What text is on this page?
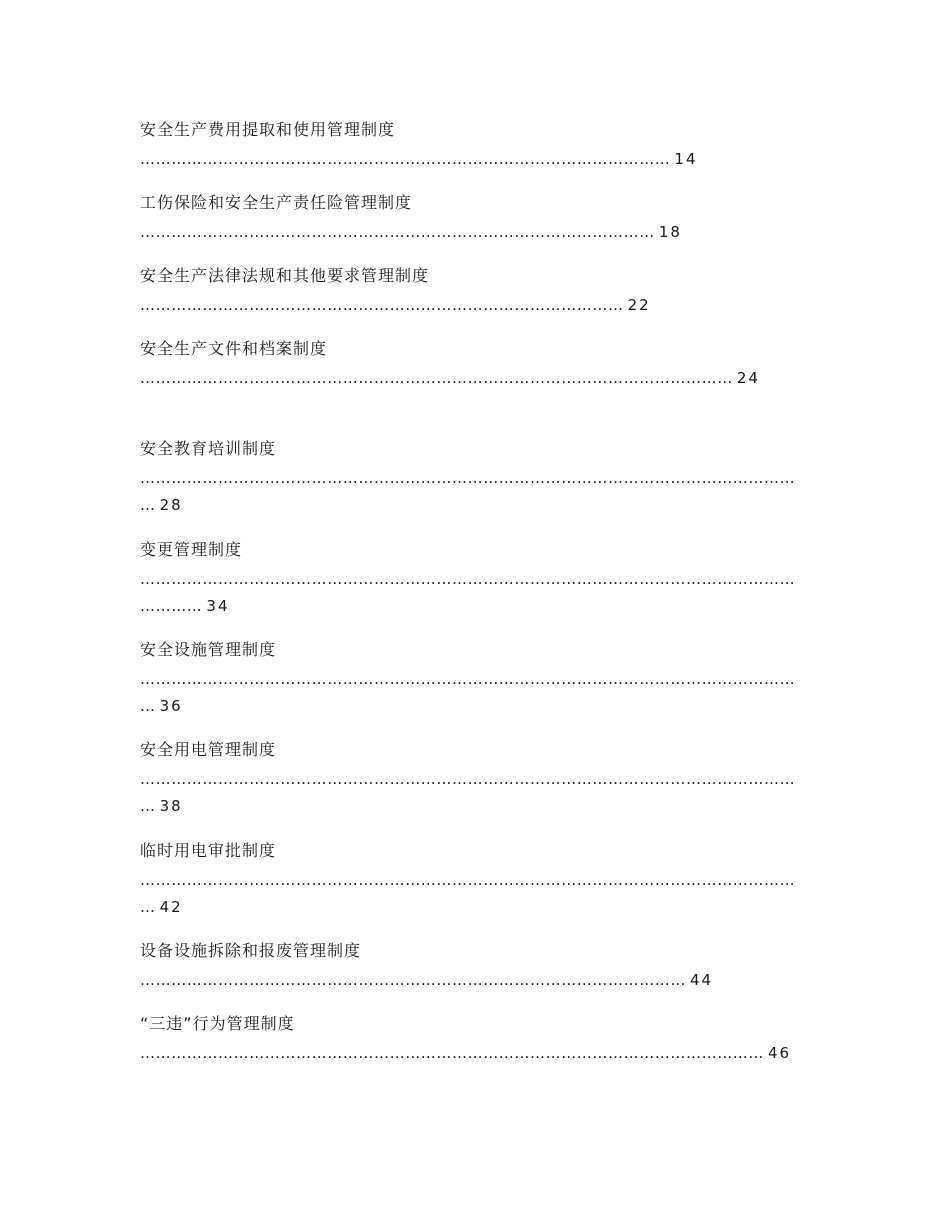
安全生产费用提取和使用管理制度
………………………………………………………………………………………… 14
工伤保险和安全生产责任险管理制度
……………………………………………………………………………………… 18
安全生产法律法规和其他要求管理制度
………………………………………………………………………………… 22
安全生产文件和档案制度
…………………………………………………………………………………………………… 24
安全教育培训制度
………………………………………………………………………………………………………………… 28
变更管理制度
………………………………………………………………………………………………………………………… 34
安全设施管理制度
………………………………………………………………………………………………………………… 36
安全用电管理制度
………………………………………………………………………………………………………………… 38
临时用电审批制度
………………………………………………………………………………………………………………… 42
设备设施拆除和报废管理制度
…………………………………………………………………………………………… 44
“三违”行为管理制度
………………………………………………………………………………………………………… 46
